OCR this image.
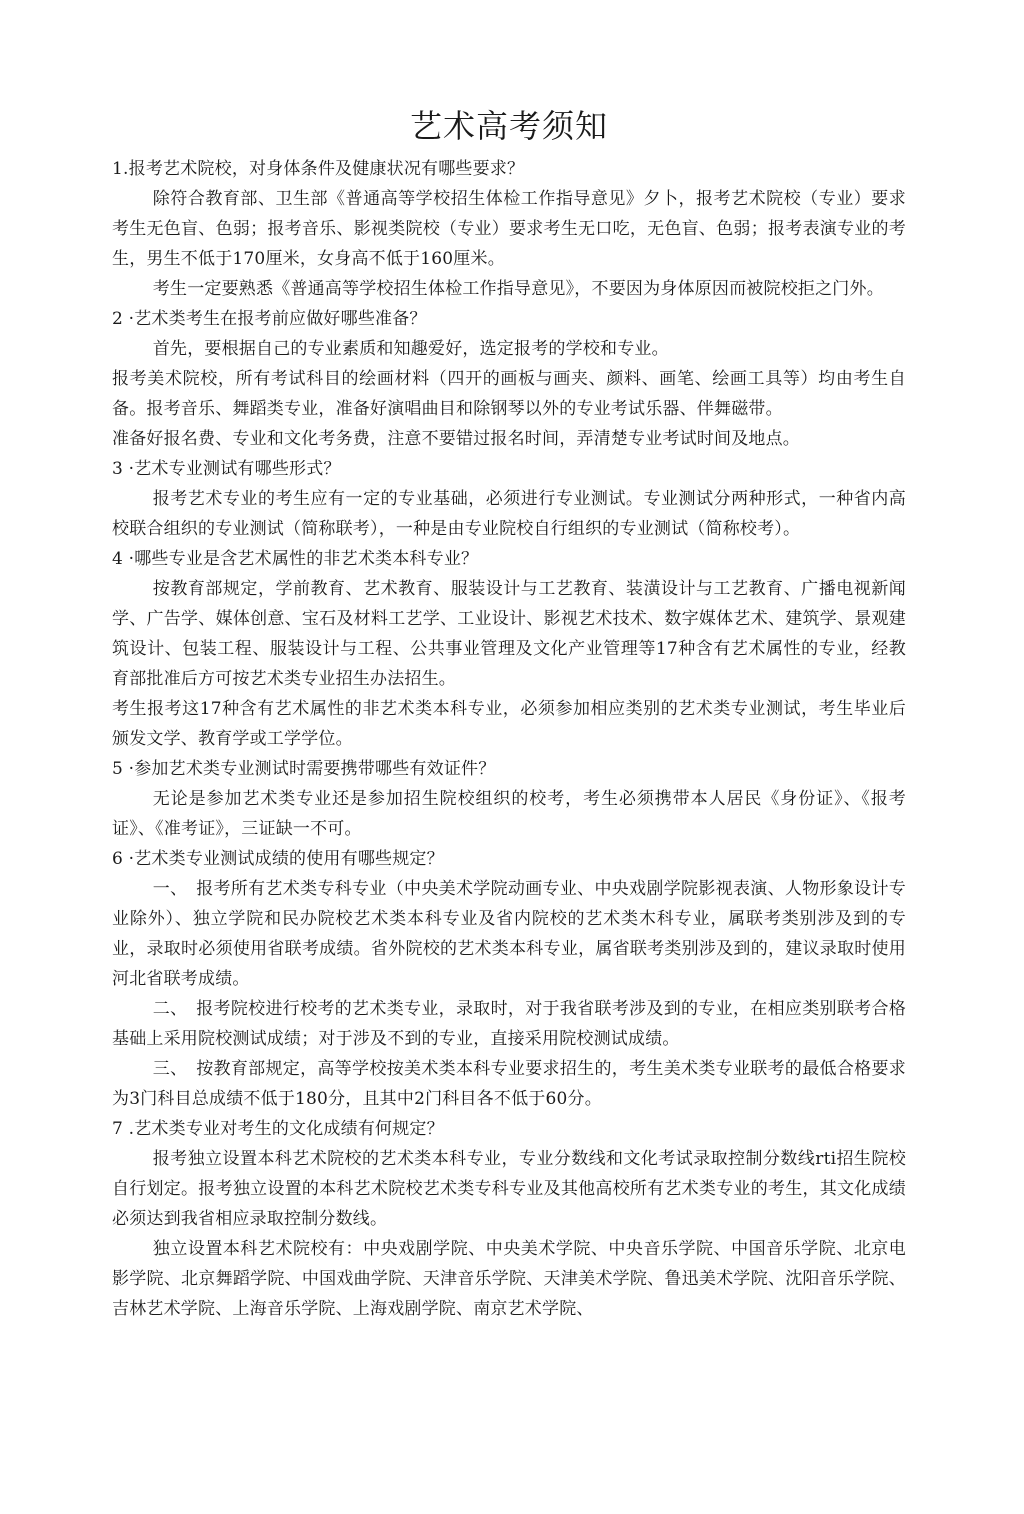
艺术高考须知

1.报考艺术院校，对身体条件及健康状况有哪些要求？

除符合教育部、卫生部《普通高等学校招生体检工作指导意见》夕卜，报考艺术院校（专业）要求考生无色盲、色弱；报考音乐、影视类院校（专业）要求考生无口吃，无色盲、色弱；报考表演专业的考生，男生不低于170厘米，女身高不低于160厘米。

考生一定要熟悉《普通高等学校招生体检工作指导意见》，不要因为身体原因而被院校拒之门外。

2 ·艺术类考生在报考前应做好哪些准备？

首先，要根据自己的专业素质和知趣爱好，选定报考的学校和专业。

报考美术院校，所有考试科目的绘画材料（四开的画板与画夹、颜料、画笔、绘画工具等）均由考生自备。报考音乐、舞蹈类专业，准备好演唱曲目和除钢琴以外的专业考试乐器、伴舞磁带。

准备好报名费、专业和文化考务费，注意不要错过报名时间，弄清楚专业考试时间及地点。

3 ·艺术专业测试有哪些形式？

报考艺术专业的考生应有一定的专业基础，必须进行专业测试。专业测试分两种形式，一种省内高校联合组织的专业测试（简称联考），一种是由专业院校自行组织的专业测试（简称校考）。

4 ·哪些专业是含艺术属性的非艺术类本科专业？

按教育部规定，学前教育、艺术教育、服装设计与工艺教育、装潢设计与工艺教育、广播电视新闻学、广告学、媒体创意、宝石及材料工艺学、工业设计、影视艺术技术、数字媒体艺术、建筑学、景观建筑设计、包装工程、服装设计与工程、公共事业管理及文化产业管理等17种含有艺术属性的专业，经教育部批准后方可按艺术类专业招生办法招生。

考生报考这17种含有艺术属性的非艺术类本科专业，必须参加相应类别的艺术类专业测试，考生毕业后颁发文学、教育学或工学学位。

5 ·参加艺术类专业测试时需要携带哪些有效证件？

无论是参加艺术类专业还是参加招生院校组织的校考，考生必须携带本人居民《身份证》、《报考证》、《准考证》，三证缺一不可。

6 ·艺术类专业测试成绩的使用有哪些规定？

一、　报考所有艺术类专科专业（中央美术学院动画专业、中央戏剧学院影视表演、人物形象设计专业除外）、独立学院和民办院校艺术类本科专业及省内院校的艺术类木科专业，属联考类别涉及到的专业，录取时必须使用省联考成绩。省外院校的艺术类本科专业，属省联考类别涉及到的，建议录取时使用河北省联考成绩。

二、　报考院校进行校考的艺术类专业，录取时，对于我省联考涉及到的专业，在相应类别联考合格基础上采用院校测试成绩；对于涉及不到的专业，直接采用院校测试成绩。

三、　按教育部规定，高等学校按美术类本科专业要求招生的，考生美术类专业联考的最低合格要求为3门科目总成绩不低于180分，且其中2门科目各不低于60分。

7 .艺术类专业对考生的文化成绩有何规定？

报考独立设置本科艺术院校的艺术类本科专业，专业分数线和文化考试录取控制分数线rti招生院校自行划定。报考独立设置的本科艺术院校艺术类专科专业及其他高校所有艺术类专业的考生，其文化成绩必须达到我省相应录取控制分数线。

独立设置本科艺术院校有：中央戏剧学院、中央美术学院、中央音乐学院、中国音乐学院、北京电影学院、北京舞蹈学院、中国戏曲学院、天津音乐学院、天津美术学院、鲁迅美术学院、沈阳音乐学院、吉林艺术学院、上海音乐学院、上海戏剧学院、南京艺术学院、
